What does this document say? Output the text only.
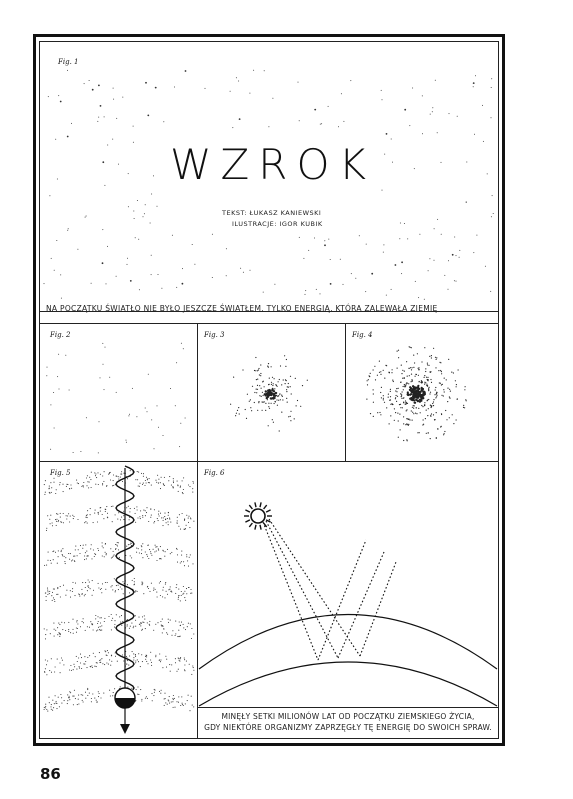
Fig. 1
WZROK
TEKST: ŁUKASZ KANIEWSKI
ILUSTRACJE: IGOR KUBIK
NA POCZĄTKU ŚWIATŁO NIE BYŁO JESZCZE ŚWIATŁEM, TYLKO ENERGIĄ, KTÓRA ZALEWAŁA ZIEMIĘ
Fig. 2	Fig. 3	Fig. 4
Fig. 5	Fig. 6
MINĘŁY SETKI MILIONÓW LAT OD POCZĄTKU ZIEMSKIEGO ŻYCIA,
GDY NIEKTÓRE ORGANIZMY ZAPRZĘGŁY TĘ ENERGIĘ DO SWOICH SPRAW.
86
